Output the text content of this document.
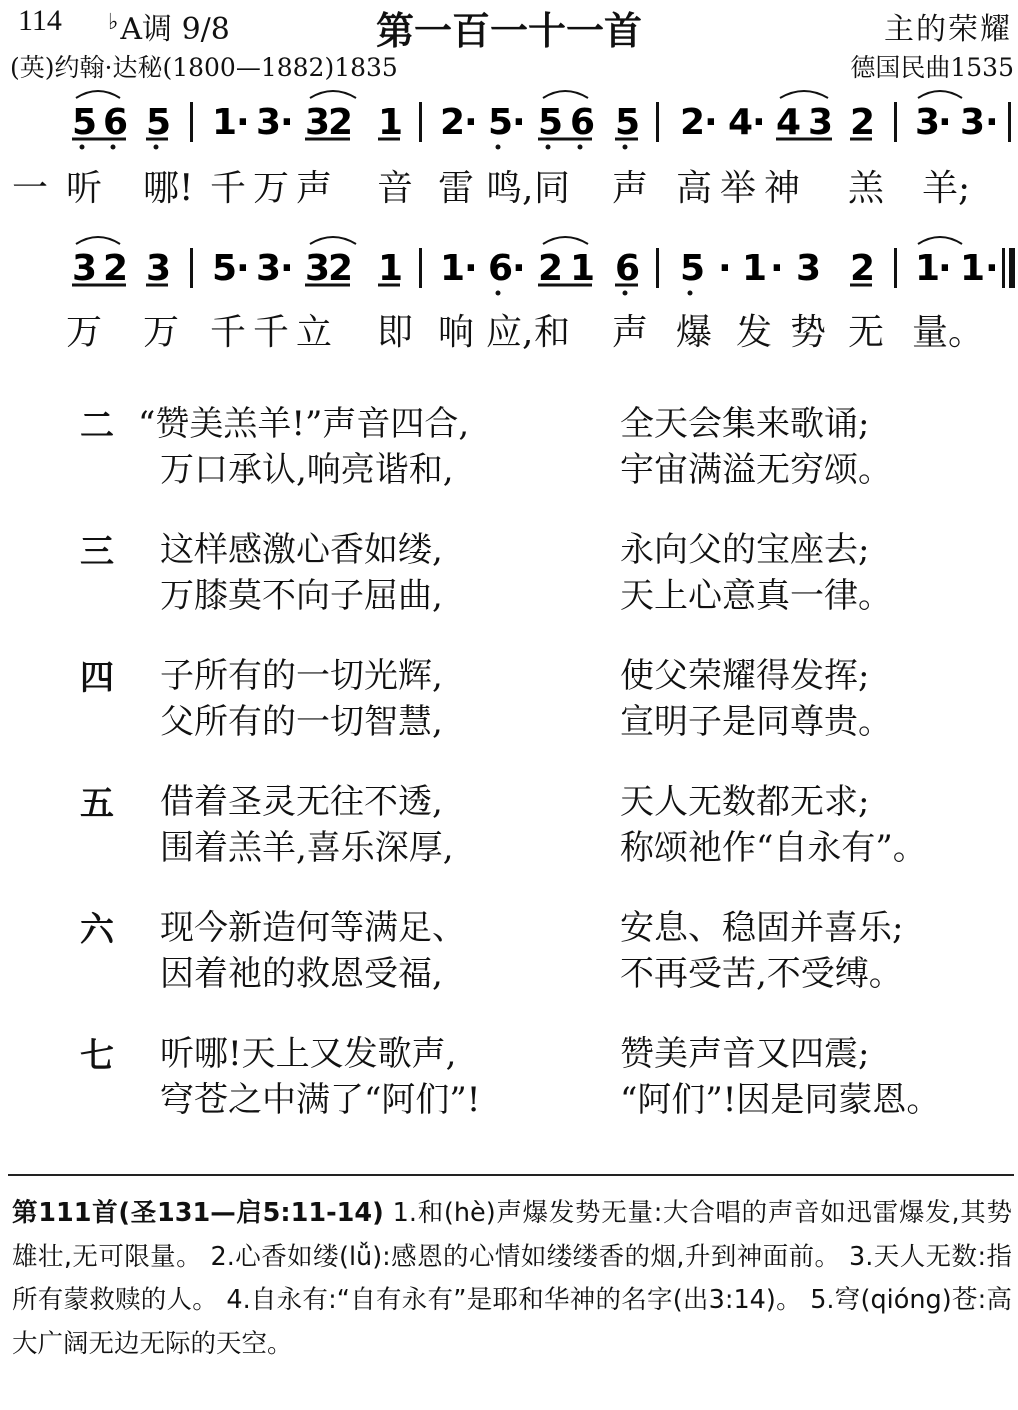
114 ♭A调 9/8	第一百一十一首	主的荣耀
(英)约翰·达秘(1800—1882)1835	德国民曲1535
5 6 5 1
· 3
· 3
2 1 2
· 5
· 5 6 5 2
· 4
· 4 3 2 3
· 3 ·
一 听 哪! 千 万 声 音 雷 鸣, 同 声 高 举 神 羔 羊;
3 2 3 5
· 3
· 3
2 1 1
· 6
· 2 1 6 5 · 1 · 3 2 1
· 1 ·
万 万 千 千 立 即 响 应, 和 声 爆 发 势 无 量。
二 “赞美羔羊!”声音四合,	全天会集来歌诵;
万口承认,响亮谐和,	宇宙满溢无穷颂。
三 这样感激心香如缕,	永向父的宝座去;
万膝莫不向子屈曲,	天上心意真一律。
四 子所有的一切光辉,	使父荣耀得发挥;
父所有的一切智慧,	宣明子是同尊贵。
五 借着圣灵无往不透,	天人无数都无求;
围着羔羊,喜乐深厚,	称颂祂作“自永有”。
六 现今新造何等满足、	安息、稳固并喜乐;
因着祂的救恩受福,	不再受苦,不受缚。
七 听哪!天上又发歌声,	赞美声音又四震;
穹苍之中满了“阿们”!	“阿们”!因是同蒙恩。
第111首(圣131—启5:11-14) 1.和(hè)声爆发势无量:大合唱的声音如迅雷爆发,其势雄壮,无可限量。 2.心香如缕(lǚ):感恩的心情如缕缕香的烟,升到神面前。 3.天人无数:指所有蒙救赎的人。 4.自永有:“自有永有”是耶和华神的名字(出3:14)。 5.穹(qióng)苍:高大广阔无边无际的天空。
